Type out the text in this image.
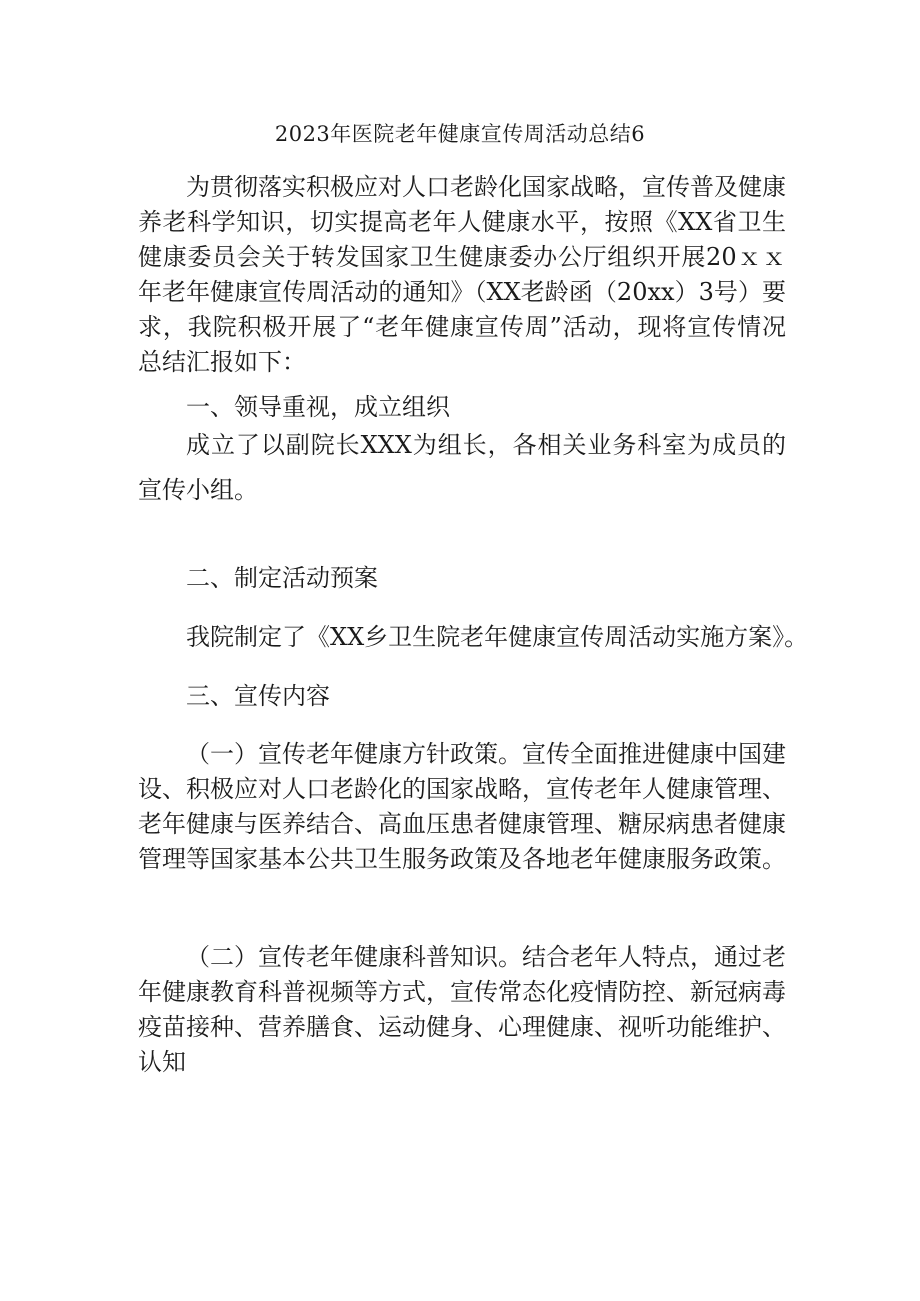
2023年医院老年健康宣传周活动总结6

为贯彻落实积极应对人口老龄化国家战略，宣传普及健康养老科学知识，切实提高老年人健康水平，按照《XX省卫生健康委员会关于转发国家卫生健康委办公厅组织开展20ｘｘ年老年健康宣传周活动的通知》（XX老龄函（20xx）3号）要求，我院积极开展了“老年健康宣传周”活动，现将宣传情况总结汇报如下：

一、领导重视，成立组织

成立了以副院长XXX为组长，各相关业务科室为成员的宣传小组。

二、制定活动预案

我院制定了《XX乡卫生院老年健康宣传周活动实施方案》。

三、宣传内容

（一）宣传老年健康方针政策。宣传全面推进健康中国建设、积极应对人口老龄化的国家战略，宣传老年人健康管理、老年健康与医养结合、高血压患者健康管理、糖尿病患者健康管理等国家基本公共卫生服务政策及各地老年健康服务政策。

（二）宣传老年健康科普知识。结合老年人特点，通过老年健康教育科普视频等方式，宣传常态化疫情防控、新冠病毒疫苗接种、营养膳食、运动健身、心理健康、视听功能维护、认知
